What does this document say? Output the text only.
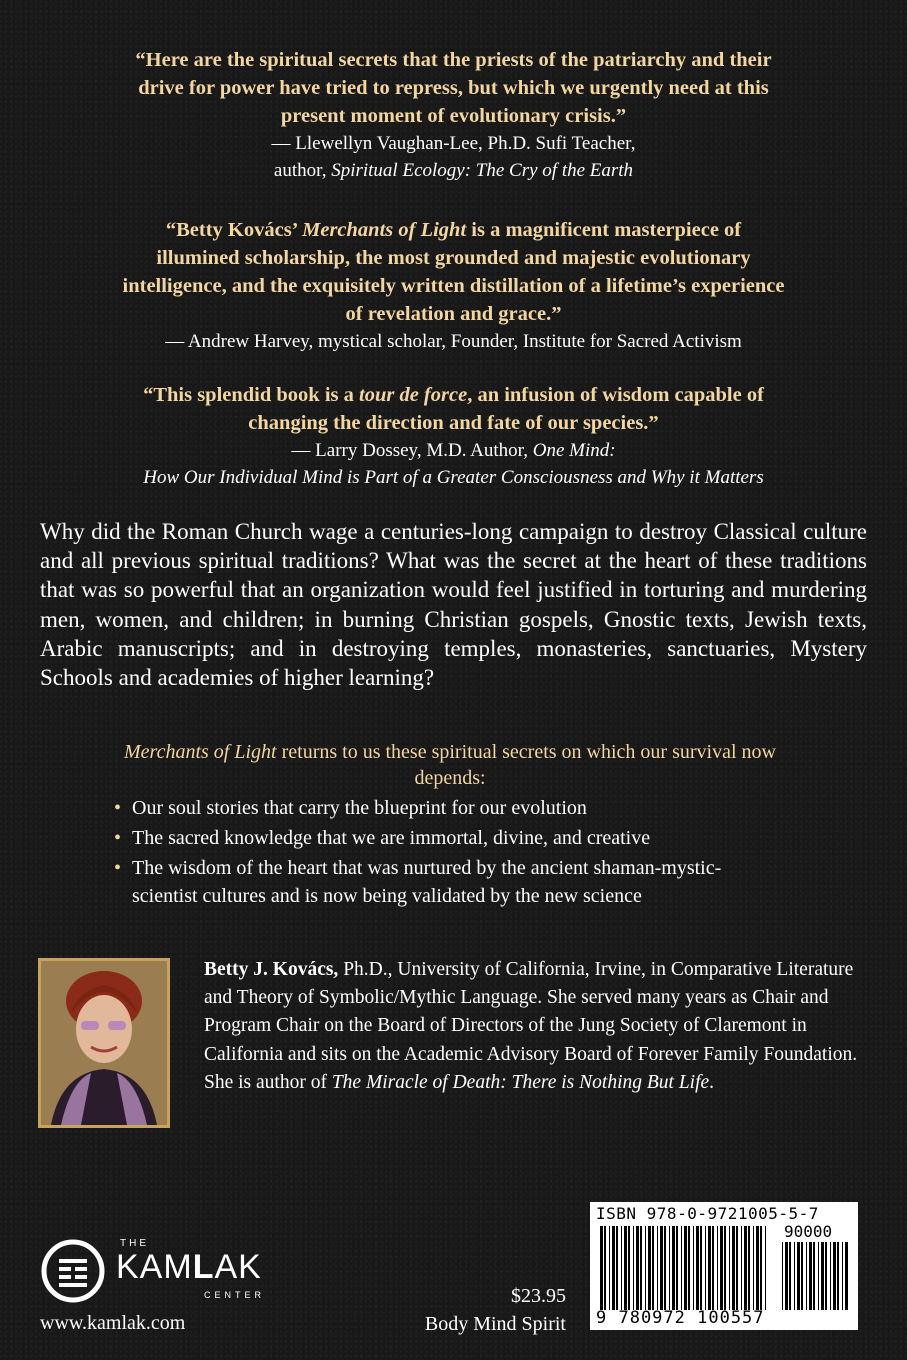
“Here are the spiritual secrets that the priests of the patriarchy and their
drive for power have tried to repress, but which we urgently need at this
present moment of evolutionary crisis.”
— Llewellyn Vaughan-Lee, Ph.D. Sufi Teacher,
author, Spiritual Ecology: The Cry of the Earth
“Betty Kovács’ Merchants of Light is a magnificent masterpiece of
illumined scholarship, the most grounded and majestic evolutionary
intelligence, and the exquisitely written distillation of a lifetime’s experience
of revelation and grace.”
— Andrew Harvey, mystical scholar, Founder, Institute for Sacred Activism
“This splendid book is a tour de force, an infusion of wisdom capable of
changing the direction and fate of our species.”
— Larry Dossey, M.D. Author, One Mind:
How Our Individual Mind is Part of a Greater Consciousness and Why it Matters
Why did the Roman Church wage a centuries-long campaign to destroy Classical culture and all previous spiritual traditions? What was the secret at the heart of these traditions that was so powerful that an organization would feel justified in torturing and murdering men, women, and children; in burning Christian gospels, Gnostic texts, Jewish texts, Arabic manuscripts; and in destroying temples, monasteries, sanctuaries, Mystery Schools and academies of higher learning?
Merchants of Light returns to us these spiritual secrets on which our survival now depends:
• Our soul stories that carry the blueprint for our evolution
• The sacred knowledge that we are immortal, divine, and creative
• The wisdom of the heart that was nurtured by the ancient shaman-mystic-scientist cultures and is now being validated by the new science
Betty J. Kovács, Ph.D., University of California, Irvine, in Comparative Literature and Theory of Symbolic/Mythic Language. She served many years as Chair and Program Chair on the Board of Directors of the Jung Society of Claremont in California and sits on the Academic Advisory Board of Forever Family Foundation. She is author of The Miracle of Death: There is Nothing But Life.
THE
KAMLAK
CENTER
www.kamlak.com
$23.95
Body Mind Spirit
ISBN 978-0-9721005-5-7
90000
9 780972 100557
